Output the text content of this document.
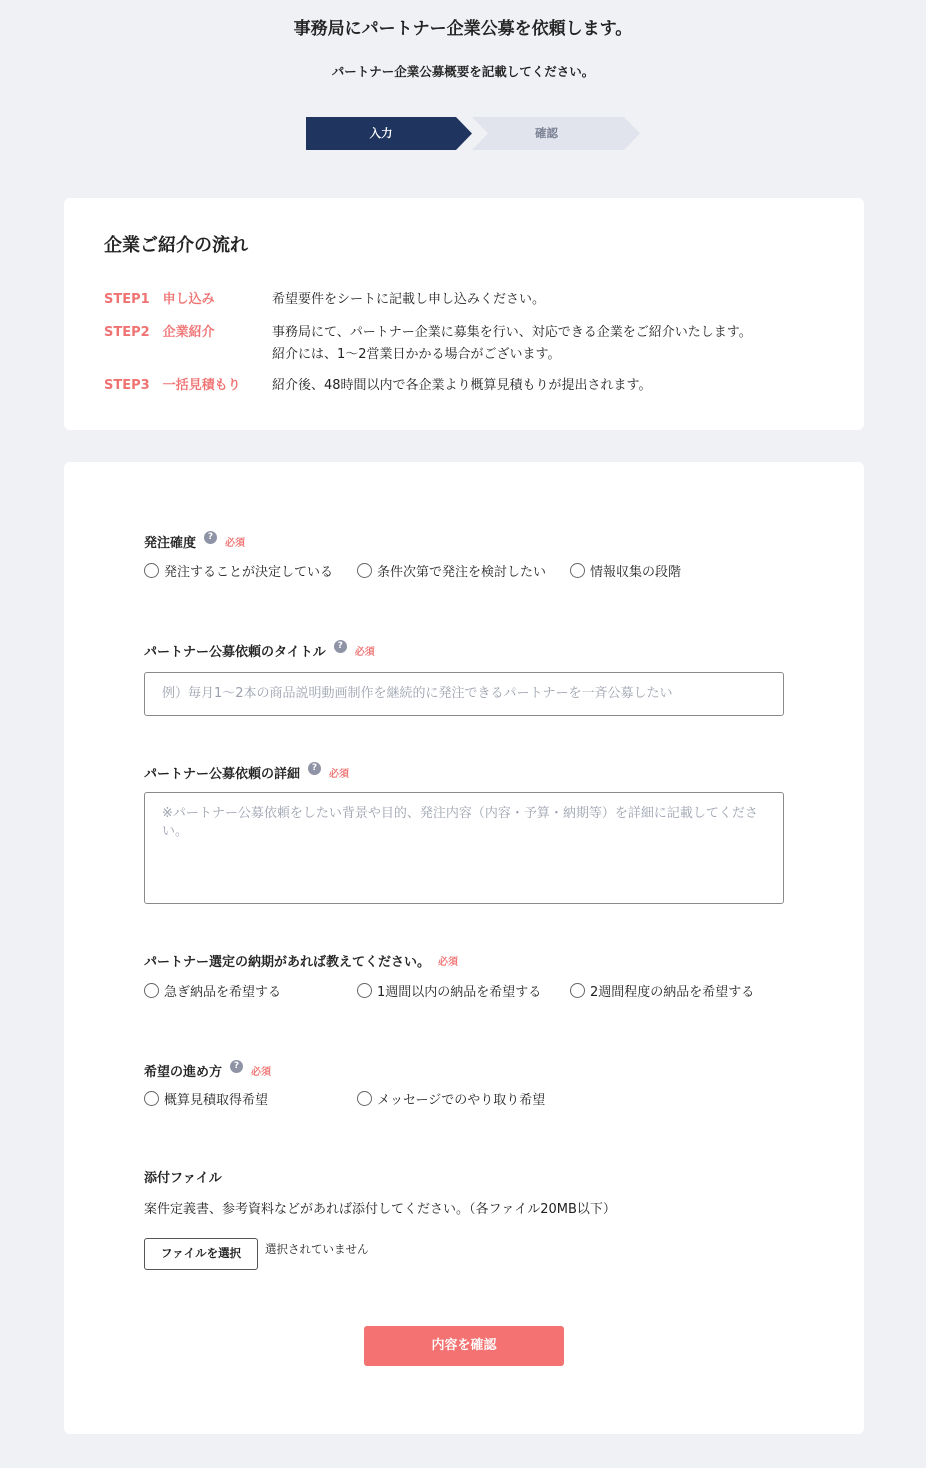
事務局にパートナー企業公募を依頼します。
パートナー企業公募概要を記載してください。
入力	確認
企業ご紹介の流れ
STEP1　申し込み	希望要件をシートに記載し申し込みください。
STEP2　企業紹介	事務局にて、パートナー企業に募集を行い、対応できる企業をご紹介いたします。
紹介には、1〜2営業日かかる場合がございます。
STEP3　一括見積もり	紹介後、48時間以内で各企業より概算見積もりが提出されます。
発注確度	?
必須
発注することが決定している	条件次第で発注を検討したい	情報収集の段階
パートナー公募依頼のタイトル	?
必須
例）毎月1〜2本の商品説明動画制作を継続的に発注できるパートナーを一斉公募したい
パートナー公募依頼の詳細	?
必須
※パートナー公募依頼をしたい背景や目的、発注内容（内容・予算・納期等）を詳細に記載してください。
パートナー選定の納期があれば教えてください。 必須
急ぎ納品を希望する	1週間以内の納品を希望する	2週間程度の納品を希望する
希望の進め方	?
必須
概算見積取得希望	メッセージでのやり取り希望
添付ファイル
案件定義書、参考資料などがあれば添付してください。（各ファイル20MB以下）
ファイルを選択	選択されていません
内容を確認
